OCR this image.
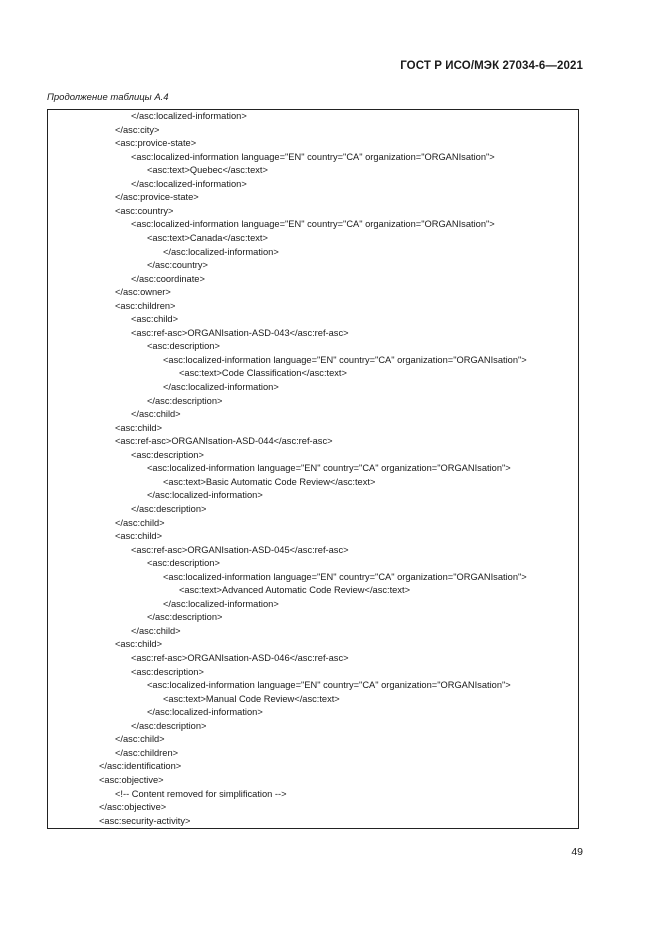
ГОСТ Р ИСО/МЭК 27034-6—2021
Продолжение таблицы А.4
</asc:localized-information>
</asc:city>
<asc:provice-state>
<asc:localized-information language="EN" country="CA" organization="ORGANIsation">
<asc:text>Quebec</asc:text>
</asc:localized-information>
</asc:provice-state>
<asc:country>
<asc:localized-information language="EN" country="CA" organization="ORGANIsation">
<asc:text>Canada</asc:text>
</asc:localized-information>
</asc:country>
</asc:coordinate>
</asc:owner>
<asc:children>
<asc:child>
<asc:ref-asc>ORGANIsation-ASD-043</asc:ref-asc>
<asc:description>
<asc:localized-information language="EN" country="CA" organization="ORGANIsation">
<asc:text>Code Classification</asc:text>
</asc:localized-information>
</asc:description>
</asc:child>
<asc:child>
<asc:ref-asc>ORGANIsation-ASD-044</asc:ref-asc>
<asc:description>
<asc:localized-information language="EN" country="CA" organization="ORGANIsation">
<asc:text>Basic Automatic Code Review</asc:text>
</asc:localized-information>
</asc:description>
</asc:child>
<asc:child>
<asc:ref-asc>ORGANIsation-ASD-045</asc:ref-asc>
<asc:description>
<asc:localized-information language="EN" country="CA" organization="ORGANIsation">
<asc:text>Advanced Automatic Code Review</asc:text>
</asc:localized-information>
</asc:description>
</asc:child>
<asc:child>
<asc:ref-asc>ORGANIsation-ASD-046</asc:ref-asc>
<asc:description>
<asc:localized-information language="EN" country="CA" organization="ORGANIsation">
<asc:text>Manual Code Review</asc:text>
</asc:localized-information>
</asc:description>
</asc:child>
</asc:children>
</asc:identification>
<asc:objective>
<!-- Content removed for simplification -->
</asc:objective>
<asc:security-activity>
49
